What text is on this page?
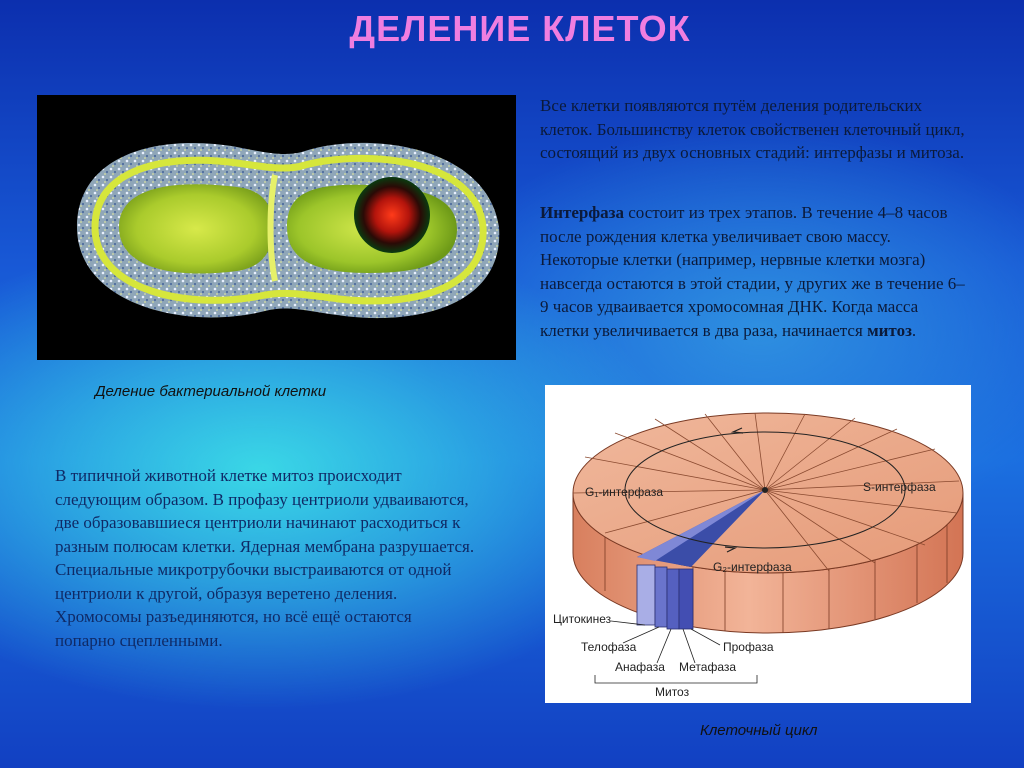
ДЕЛЕНИЕ КЛЕТОК
Деление бактериальной клетки
Все клетки появляются путём деления родительских клеток. Большинству клеток свойственен клеточный цикл, состоящий из двух основных стадий: интерфазы и митоза.
Интерфаза состоит из трех этапов. В течение 4–8 часов после рождения клетка увеличивает свою массу. Некоторые клетки (например, нервные клетки мозга) навсегда остаются в этой стадии, у других же в течение 6–9 часов удваивается хромосомная ДНК. Когда масса клетки увеличивается в два раза, начинается митоз.
В типичной животной клетке митоз происходит следующим образом. В профазу центриоли удваиваются, две образовавшиеся центриоли начинают расходиться к разным полюсам клетки. Ядерная мембрана разрушается. Специальные микротрубочки выстраиваются от одной центриоли к другой, образуя веретено деления. Хромосомы разъединяются, но всё ещё остаются попарно сцепленными.
G₁-интерфаза	S-интерфаза
G₂-интерфаза
Цитокинез
Телофаза	Профаза
Анафаза Метафаза
Митоз
Клеточный цикл
